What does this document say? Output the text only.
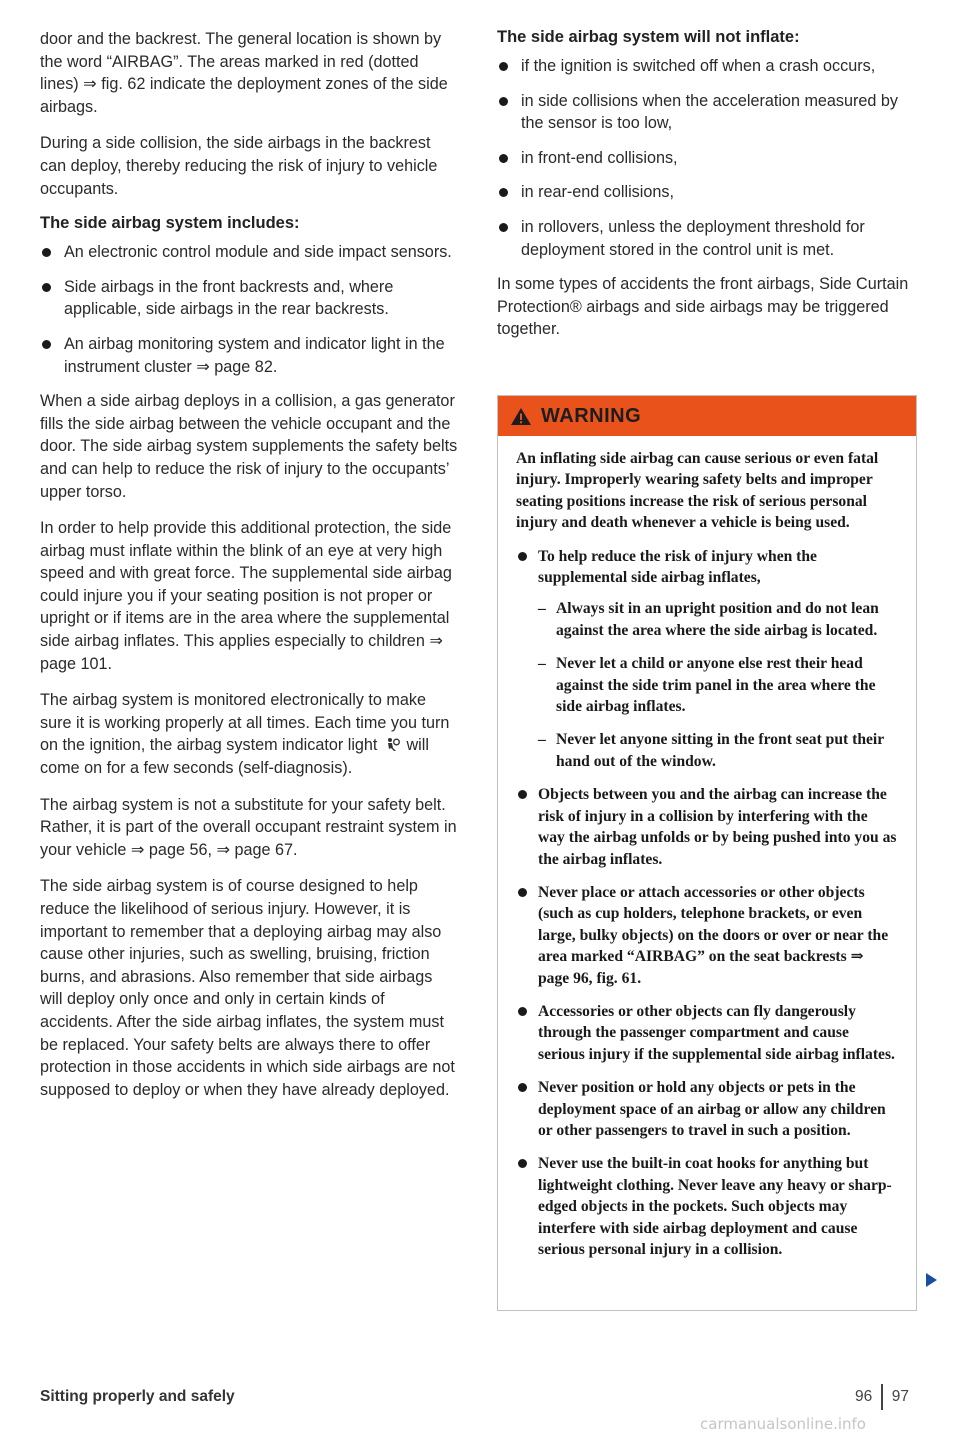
door and the backrest. The general location is shown by the word “AIRBAG”. The areas marked in red (dotted lines) ⇒ fig. 62 indicate the deployment zones of the side airbags.

During a side collision, the side airbags in the backrest can deploy, thereby reducing the risk of injury to vehicle occupants.

The side airbag system includes:
An electronic control module and side impact sensors.
Side airbags in the front backrests and, where applicable, side airbags in the rear backrests.
An airbag monitoring system and indicator light in the instrument cluster ⇒ page 82.

When a side airbag deploys in a collision, a gas generator fills the side airbag between the vehicle occupant and the door. The side airbag system supplements the safety belts and can help to reduce the risk of injury to the occupants’ upper torso.

In order to help provide this additional protection, the side airbag must inflate within the blink of an eye at very high speed and with great force. The supplemental side airbag could injure you if your seating position is not proper or upright or if items are in the area where the supplemental side airbag inflates. This applies especially to children ⇒ page 101.

The airbag system is monitored electronically to make sure it is working properly at all times. Each time you turn on the ignition, the airbag system indicator light will come on for a few seconds (self-diagnosis).

The airbag system is not a substitute for your safety belt. Rather, it is part of the overall occupant restraint system in your vehicle ⇒ page 56, ⇒ page 67.

The side airbag system is of course designed to help reduce the likelihood of serious injury. However, it is important to remember that a deploying airbag may also cause other injuries, such as swelling, bruising, friction burns, and abrasions. Also remember that side airbags will deploy only once and only in certain kinds of accidents. After the side airbag inflates, the system must be replaced. Your safety belts are always there to offer protection in those accidents in which side airbags are not supposed to deploy or when they have already deployed.

The side airbag system will not inflate:
if the ignition is switched off when a crash occurs,
in side collisions when the acceleration measured by the sensor is too low,
in front-end collisions,
in rear-end collisions,
in rollovers, unless the deployment threshold for deployment stored in the control unit is met.

In some types of accidents the front airbags, Side Curtain Protection® airbags and side airbags may be triggered together.

WARNING

An inflating side airbag can cause serious or even fatal injury. Improperly wearing safety belts and improper seating positions increase the risk of serious personal injury and death whenever a vehicle is being used.

To help reduce the risk of injury when the supplemental side airbag inflates,
– Always sit in an upright position and do not lean against the area where the side airbag is located.
– Never let a child or anyone else rest their head against the side trim panel in the area where the side airbag inflates.
– Never let anyone sitting in the front seat put their hand out of the window.
Objects between you and the airbag can increase the risk of injury in a collision by interfering with the way the airbag unfolds or by being pushed into you as the airbag inflates.
Never place or attach accessories or other objects (such as cup holders, telephone brackets, or even large, bulky objects) on the doors or over or near the area marked “AIRBAG” on the seat backrests ⇒ page 96, fig. 61.
Accessories or other objects can fly dangerously through the passenger compartment and cause serious injury if the supplemental side airbag inflates.
Never position or hold any objects or pets in the deployment space of an airbag or allow any children or other passengers to travel in such a position.
Never use the built-in coat hooks for anything but lightweight clothing. Never leave any heavy or sharp-edged objects in the pockets. Such objects may interfere with side airbag deployment and cause serious personal injury in a collision.
Sitting properly and safely	96 97
carmanualsonline.info
